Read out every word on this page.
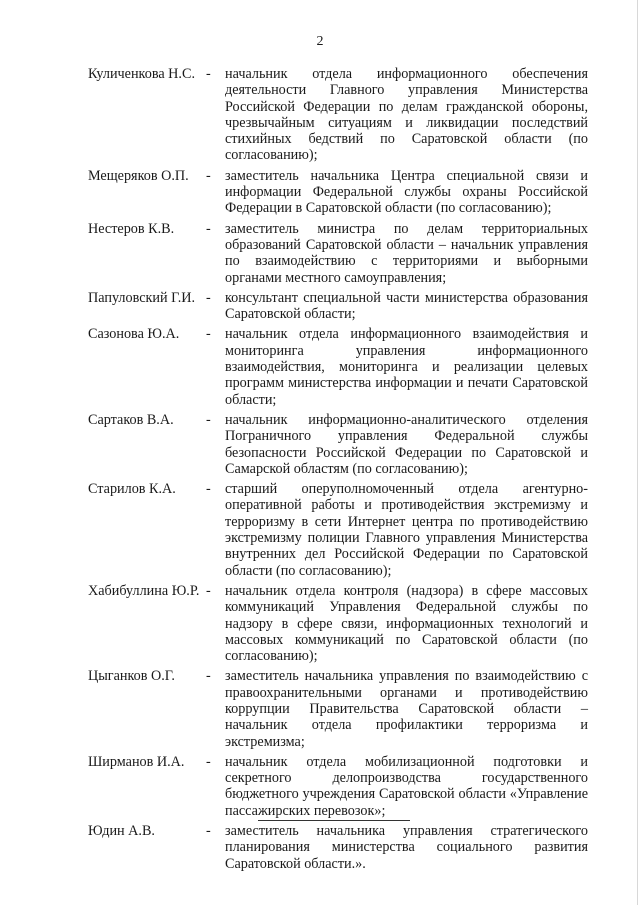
2
Куличенкова Н.С. -	начальник отдела информационного обеспечения деятельности Главного управления Министерства Российской Федерации по делам гражданской обороны, чрезвычайным ситуациям и ликвидации последствий стихийных бедствий по Саратовской области (по согласованию);
Мещеряков О.П.	-	заместитель начальника Центра специальной связи и информации Федеральной службы охраны Российской Федерации в Саратовской области (по согласованию);
Нестеров К.В.	-	заместитель министра по делам территориальных образований Саратовской области – начальник управления по взаимодействию с территориями и выборными органами местного самоуправления;
Папуловский Г.И. -	консультант специальной части министерства образования Саратовской области;
Сазонова Ю.А.	-	начальник отдела информационного взаимодействия и мониторинга управления информационного взаимодействия, мониторинга и реализации целевых программ министерства информации и печати Саратовской области;
Сартаков В.А.	-	начальник информационно-аналитического отделения Пограничного управления Федеральной службы безопасности Российской Федерации по Саратовской и Самарской областям (по согласованию);
Старилов К.А.	-	старший оперуполномоченный отдела агентурно-оперативной работы и противодействия экстремизму и терроризму в сети Интернет центра по противодействию экстремизму полиции Главного управления Министерства внутренних дел Российской Федерации по Саратовской области (по согласованию);
Хабибуллина Ю.Р. -	начальник отдела контроля (надзора) в сфере массовых коммуникаций Управления Федеральной службы по надзору в сфере связи, информационных технологий и массовых коммуникаций по Саратовской области (по согласованию);
Цыганков О.Г.	-	заместитель начальника управления по взаимодействию с правоохранительными органами и противодействию коррупции Правительства Саратовской области – начальник отдела профилактики терроризма и экстремизма;
Ширманов И.А.	-	начальник отдела мобилизационной подготовки и секретного делопроизводства государственного бюджетного учреждения Саратовской области «Управление пассажирских перевозок»;
Юдин А.В.	-	заместитель начальника управления стратегического планирования министерства социального развития Саратовской области.».
